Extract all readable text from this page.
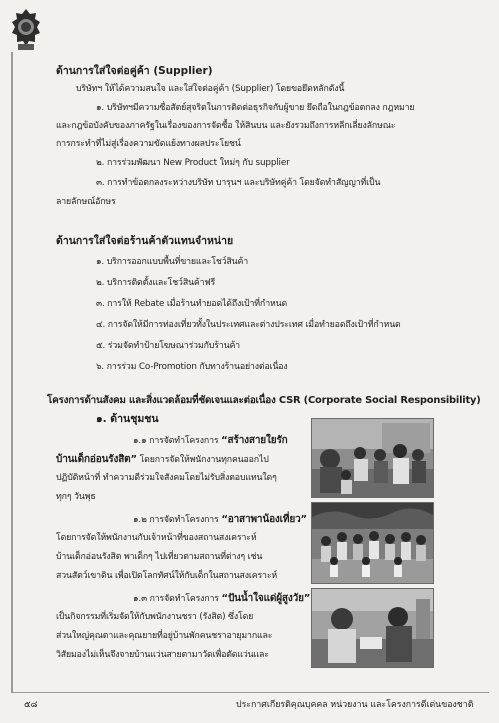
ด้านการใส่ใจต่อคู่ค้า (Supplier)
บริษัทฯ ให้ได้ความสนใจ และใส่ใจต่อคู่ค้า (Supplier) โดยขอยึดหลักดังนี้
๑. บริษัทฯมีความซื่อสัตย์สุจริตในการติดต่อธุรกิจกับผู้ขาย ยึดถือในกฎข้อตกลง กฎหมาย
และกฎข้อบังคับของภาครัฐในเรื่องของการจัดซื้อ ให้สินบน และยังรวมถึงการหลีกเลี่ยงลักษณะ
การกระทำที่ไม่สู่เรื่องความขัดแย้งทางผลประโยชน์
๒. การร่วมพัฒนา New Product ใหม่ๆ กับ supplier
๓. การทำข้อตกลงระหว่างบริษัท บารุนฯ และบริษัทคู่ค้า โดยจัดทำสัญญาที่เป็น
ลายลักษณ์อักษร
ด้านการใส่ใจต่อร้านค้าตัวแทนจำหน่าย
๑. บริการออกแบบพื้นที่ขายและโชว์สินค้า
๒. บริการติดตั้งและโชว์สินค้าฟรี
๓. การให้ Rebate เมื่อร้านทำยอดได้ถึงเป้าที่กำหนด
๔. การจัดให้มีการท่องเที่ยวทั้งในประเทศและต่างประเทศ เมื่อทำยอดถึงเป้าที่กำหนด
๕. ร่วมจัดทำป้ายโฆษณาร่วมกับร้านค้า
๖. การร่วม Co-Promotion กับทางร้านอย่างต่อเนื่อง
โครงการด้านสังคม และสิ่งแวดล้อมที่ชัดเจนและต่อเนื่อง CSR (Corporate Social Responsibility)
๑. ด้านชุมชน
๑.๑ การจัดทำโครงการ “สร้างสายใยรัก
บ้านเด็กอ่อนรังสิต” โดยการจัดให้พนักงานทุกคนออกไป
ปฏิบัติหน้าที่ ทำความดีร่วมใจสังคมโดยไม่รับสิ่งตอบแทนใดๆ
ทุกๆ วันพุธ
๑.๒ การจัดทำโครงการ “อาสาพาน้องเที่ยว”
โดยการจัดให้พนักงานกับเจ้าหน้าที่ของสถานสงเคราะห์
บ้านเด็กอ่อนรังสิต พาเด็กๆ ไปเที่ยวตามสถานที่ต่างๆ เช่น
สวนสัตว์เขาดิน เพื่อเปิดโลกทัศน์ให้กับเด็กในสถานสงเคราะห์
๑.๓ การจัดทำโครงการ “ปันน้ำใจแด่ผู้สูงวัย”
เป็นกิจกรรมที่เริ่มจัดให้กับพนักงานชรา (รังสิต) ซึ่งโดย
ส่วนใหญ่คุณตาและคุณยายที่อยู่บ้านพักคนชราอายุมากและ
วิสัยมองไม่เห็นจึงจายบ้านแว่นสายตามาวัดเพื่อตัดแว่นและ
๕๘	ประกาศเกียรติคุณบุคคล หน่วยงาน และโครงการดีเด่นของชาติ
